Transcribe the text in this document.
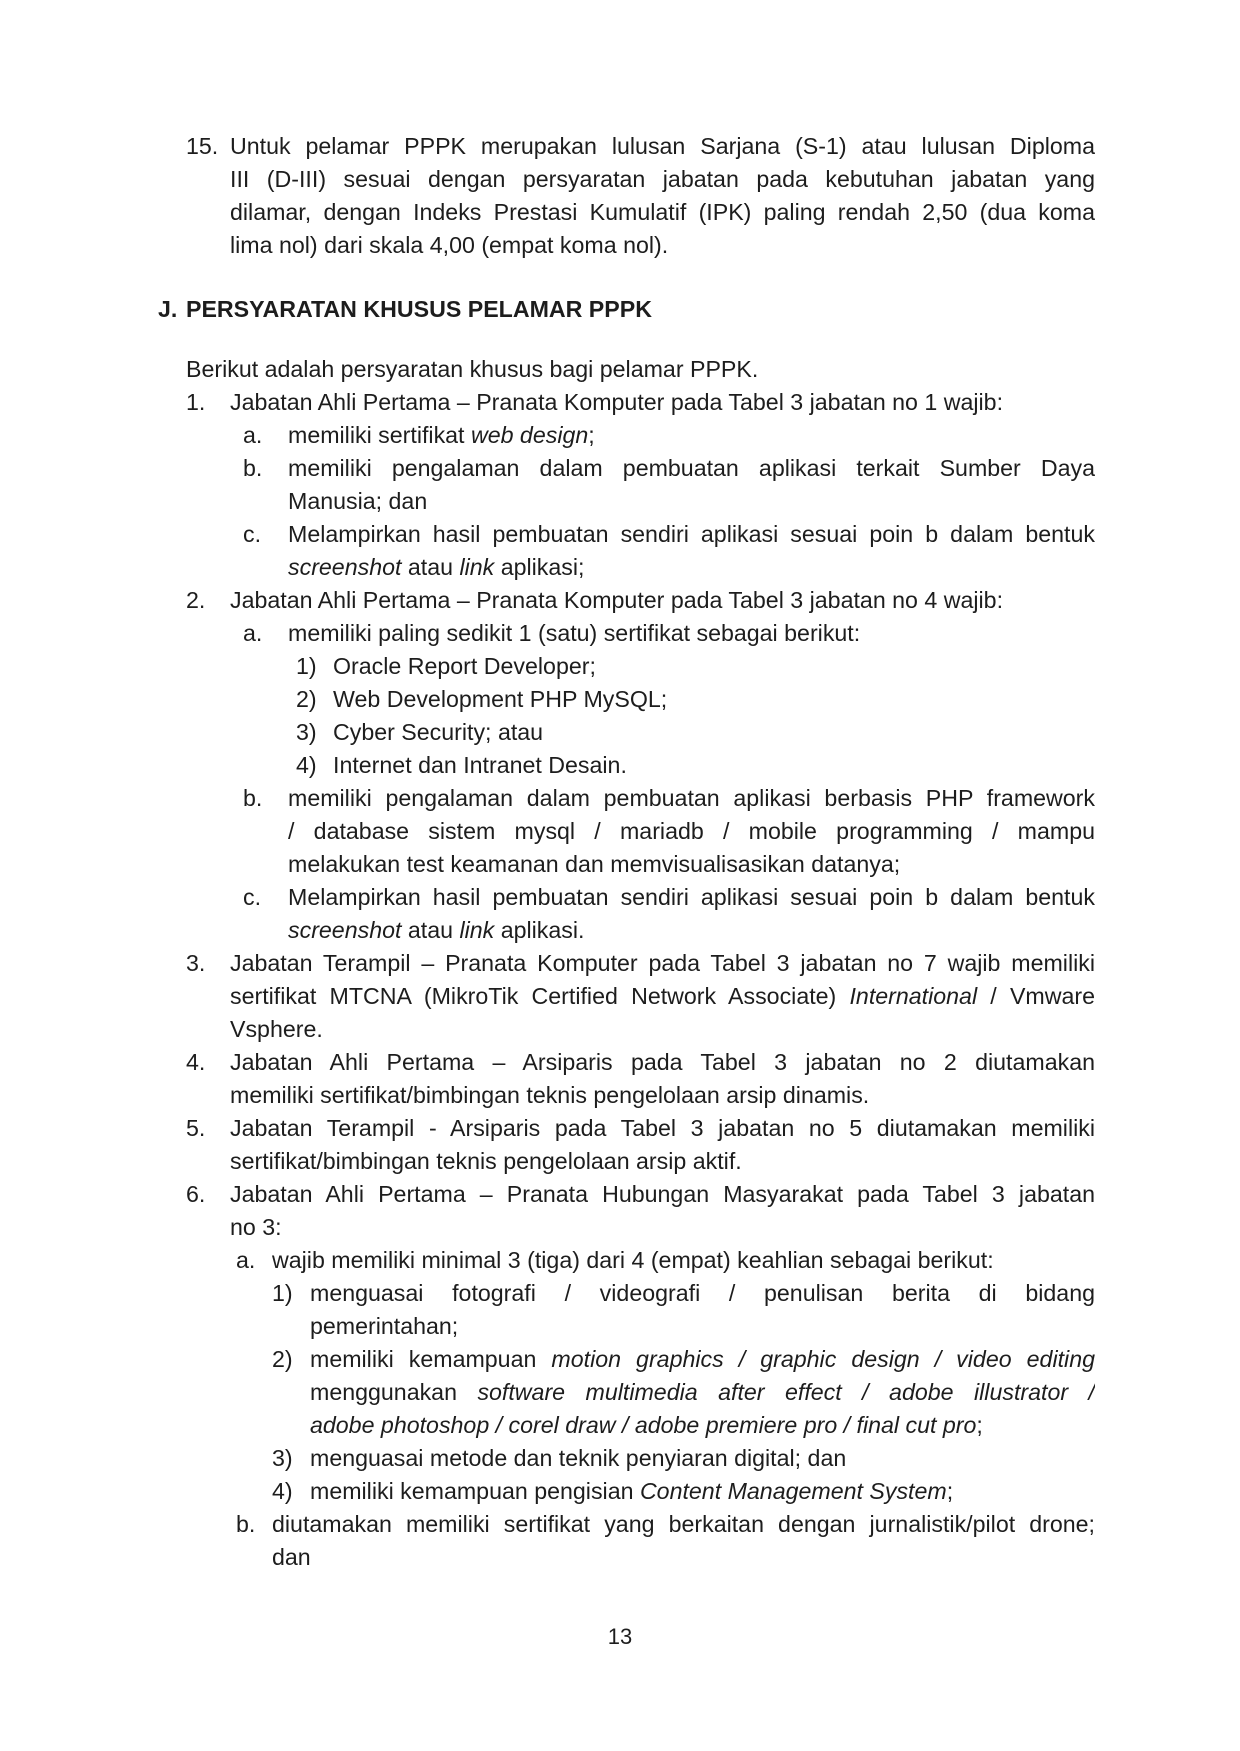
15. Untuk pelamar PPPK merupakan lulusan Sarjana (S-1) atau lulusan Diploma
III (D-III) sesuai dengan persyaratan jabatan pada kebutuhan jabatan yang
dilamar, dengan Indeks Prestasi Kumulatif (IPK) paling rendah 2,50 (dua koma
lima nol) dari skala 4,00 (empat koma nol).
J. PERSYARATAN KHUSUS PELAMAR PPPK
Berikut adalah persyaratan khusus bagi pelamar PPPK.
1. Jabatan Ahli Pertama – Pranata Komputer pada Tabel 3 jabatan no 1 wajib:
a. memiliki sertifikat web design;
b. memiliki pengalaman dalam pembuatan aplikasi terkait Sumber Daya
Manusia; dan
c. Melampirkan hasil pembuatan sendiri aplikasi sesuai poin b dalam bentuk
screenshot atau link aplikasi;
2. Jabatan Ahli Pertama – Pranata Komputer pada Tabel 3 jabatan no 4 wajib:
a. memiliki paling sedikit 1 (satu) sertifikat sebagai berikut:
1) Oracle Report Developer;
2) Web Development PHP MySQL;
3) Cyber Security; atau
4) Internet dan Intranet Desain.
b. memiliki pengalaman dalam pembuatan aplikasi berbasis PHP framework
/ database sistem mysql / mariadb / mobile programming / mampu
melakukan test keamanan dan memvisualisasikan datanya;
c. Melampirkan hasil pembuatan sendiri aplikasi sesuai poin b dalam bentuk
screenshot atau link aplikasi.
3. Jabatan Terampil – Pranata Komputer pada Tabel 3 jabatan no 7 wajib memiliki
sertifikat MTCNA (MikroTik Certified Network Associate) International / Vmware
Vsphere.
4. Jabatan Ahli Pertama – Arsiparis pada Tabel 3 jabatan no 2 diutamakan
memiliki sertifikat/bimbingan teknis pengelolaan arsip dinamis.
5. Jabatan Terampil - Arsiparis pada Tabel 3 jabatan no 5 diutamakan memiliki
sertifikat/bimbingan teknis pengelolaan arsip aktif.
6. Jabatan Ahli Pertama – Pranata Hubungan Masyarakat pada Tabel 3 jabatan
no 3:
a. wajib memiliki minimal 3 (tiga) dari 4 (empat) keahlian sebagai berikut:
1) menguasai fotografi / videografi / penulisan berita di bidang
pemerintahan;
2) memiliki kemampuan motion graphics / graphic design / video editing
menggunakan software multimedia after effect / adobe illustrator /
adobe photoshop / corel draw / adobe premiere pro / final cut pro;
3) menguasai metode dan teknik penyiaran digital; dan
4) memiliki kemampuan pengisian Content Management System;
b. diutamakan memiliki sertifikat yang berkaitan dengan jurnalistik/pilot drone;
dan
13
